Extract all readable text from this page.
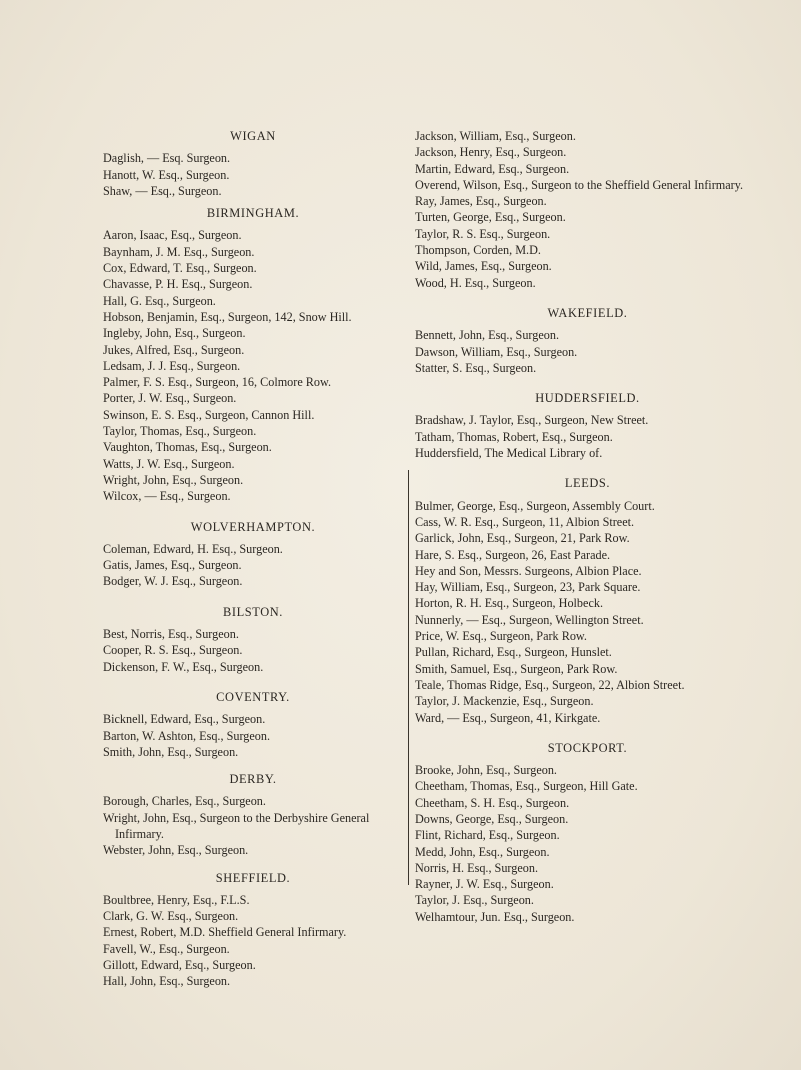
WIGAN
Daglish, — Esq. Surgeon.
Hanott, W. Esq., Surgeon.
Shaw, — Esq., Surgeon.
BIRMINGHAM.
Aaron, Isaac, Esq., Surgeon.
Baynham, J. M. Esq., Surgeon.
Cox, Edward, T. Esq., Surgeon.
Chavasse, P. H. Esq., Surgeon.
Hall, G. Esq., Surgeon.
Hobson, Benjamin, Esq., Surgeon, 142, Snow Hill.
Ingleby, John, Esq., Surgeon.
Jukes, Alfred, Esq., Surgeon.
Ledsam, J. J. Esq., Surgeon.
Palmer, F. S. Esq., Surgeon, 16, Colmore Row.
Porter, J. W. Esq., Surgeon.
Swinson, E. S. Esq., Surgeon, Cannon Hill.
Taylor, Thomas, Esq., Surgeon.
Vaughton, Thomas, Esq., Surgeon.
Watts, J. W. Esq., Surgeon.
Wright, John, Esq., Surgeon.
Wilcox, — Esq., Surgeon.
WOLVERHAMPTON.
Coleman, Edward, H. Esq., Surgeon.
Gatis, James, Esq., Surgeon.
Bodger, W. J. Esq., Surgeon.
BILSTON.
Best, Norris, Esq., Surgeon.
Cooper, R. S. Esq., Surgeon.
Dickenson, F. W., Esq., Surgeon.
COVENTRY.
Bicknell, Edward, Esq., Surgeon.
Barton, W. Ashton, Esq., Surgeon.
Smith, John, Esq., Surgeon.
DERBY.
Borough, Charles, Esq., Surgeon.
Wright, John, Esq., Surgeon to the Derbyshire General Infirmary.
Webster, John, Esq., Surgeon.
SHEFFIELD.
Boultbree, Henry, Esq., F.L.S.
Clark, G. W. Esq., Surgeon.
Ernest, Robert, M.D. Sheffield General Infirmary.
Favell, W., Esq., Surgeon.
Gillott, Edward, Esq., Surgeon.
Hall, John, Esq., Surgeon.
Jackson, William, Esq., Surgeon.
Jackson, Henry, Esq., Surgeon.
Martin, Edward, Esq., Surgeon.
Overend, Wilson, Esq., Surgeon to the Sheffield General Infirmary.
Ray, James, Esq., Surgeon.
Turten, George, Esq., Surgeon.
Taylor, R. S. Esq., Surgeon.
Thompson, Corden, M.D.
Wild, James, Esq., Surgeon.
Wood, H. Esq., Surgeon.
WAKEFIELD.
Bennett, John, Esq., Surgeon.
Dawson, William, Esq., Surgeon.
Statter, S. Esq., Surgeon.
HUDDERSFIELD.
Bradshaw, J. Taylor, Esq., Surgeon, New Street.
Tatham, Thomas, Robert, Esq., Surgeon.
Huddersfield, The Medical Library of.
LEEDS.
Bulmer, George, Esq., Surgeon, Assembly Court.
Cass, W. R. Esq., Surgeon, 11, Albion Street.
Garlick, John, Esq., Surgeon, 21, Park Row.
Hare, S. Esq., Surgeon, 26, East Parade.
Hey and Son, Messrs. Surgeons, Albion Place.
Hay, William, Esq., Surgeon, 23, Park Square.
Horton, R. H. Esq., Surgeon, Holbeck.
Nunnerly, — Esq., Surgeon, Wellington Street.
Price, W. Esq., Surgeon, Park Row.
Pullan, Richard, Esq., Surgeon, Hunslet.
Smith, Samuel, Esq., Surgeon, Park Row.
Teale, Thomas Ridge, Esq., Surgeon, 22, Albion Street.
Taylor, J. Mackenzie, Esq., Surgeon.
Ward, — Esq., Surgeon, 41, Kirkgate.
STOCKPORT.
Brooke, John, Esq., Surgeon.
Cheetham, Thomas, Esq., Surgeon, Hill Gate.
Cheetham, S. H. Esq., Surgeon.
Downs, George, Esq., Surgeon.
Flint, Richard, Esq., Surgeon.
Medd, John, Esq., Surgeon.
Norris, H. Esq., Surgeon.
Rayner, J. W. Esq., Surgeon.
Taylor, J. Esq., Surgeon.
Welhamtour, Jun. Esq., Surgeon.
